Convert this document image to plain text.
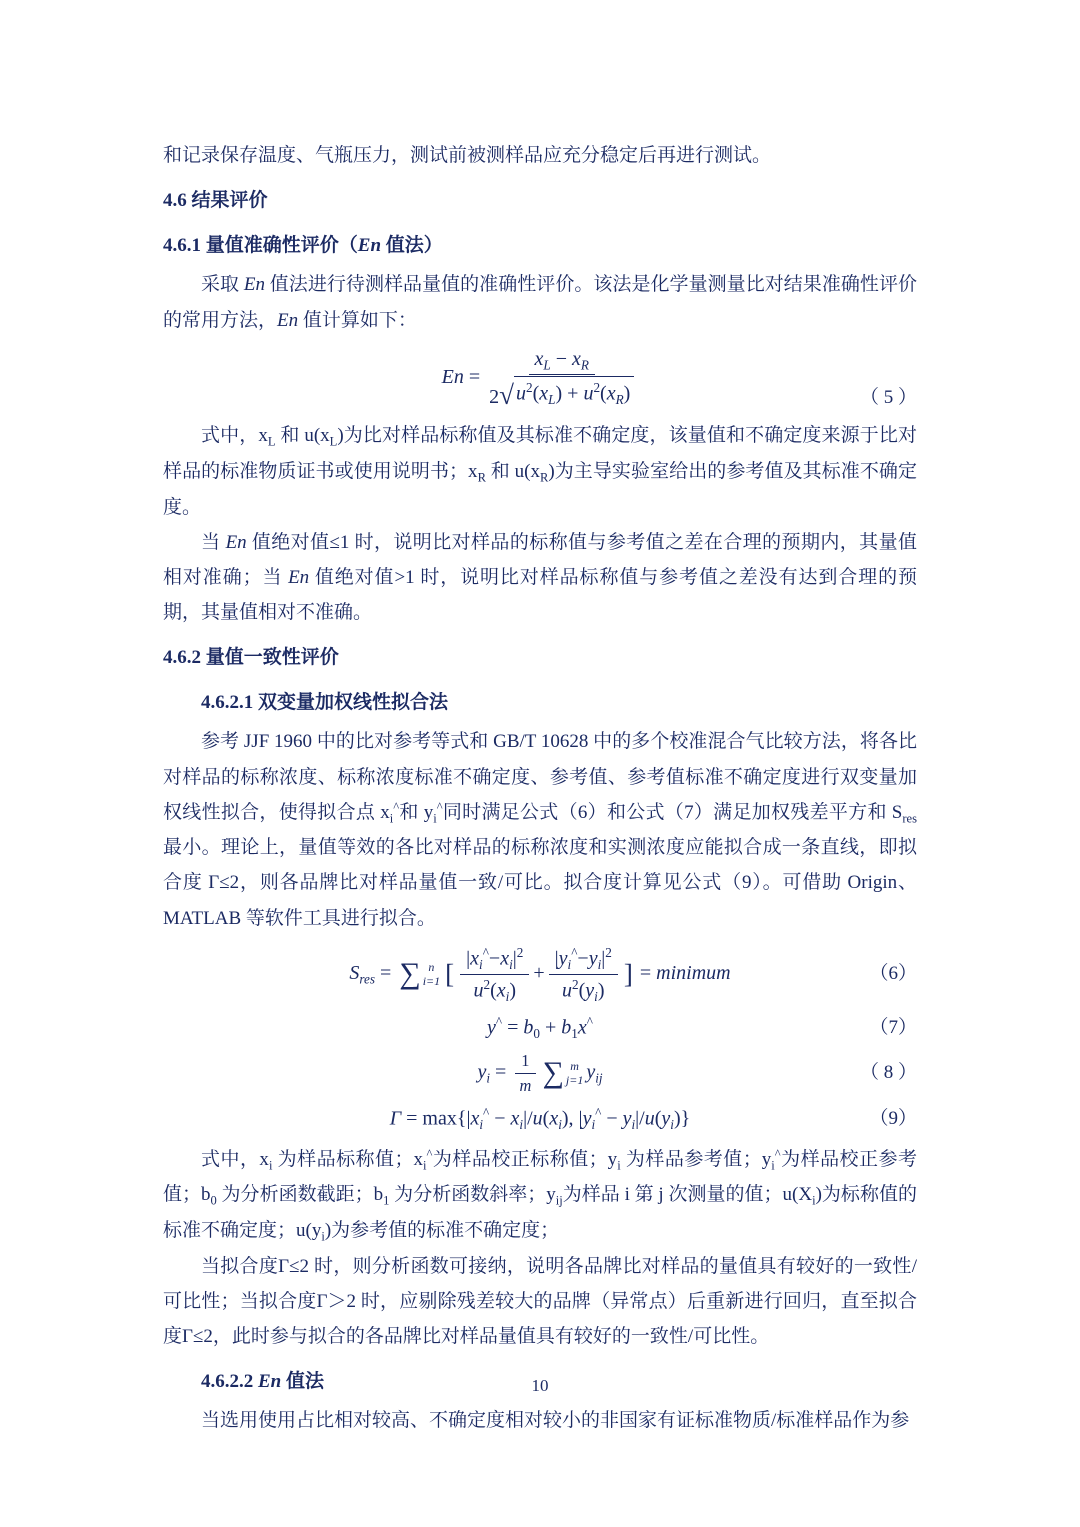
和记录保存温度、气瓶压力，测试前被测样品应充分稳定后再进行测试。

4.6 结果评价
4.6.1 量值准确性评价（En 值法）

采取 En 值法进行待测样品量值的准确性评价。该法是化学量测量比对结果准确性评价的常用方法，En 值计算如下：

$En = \frac{x_L - x_R}{2 √ u^2(x_L) + u^2(x_R)}$	（ 5 ）

式中，$x_L$ 和 $u(x_L)$为比对样品标称值及其标准不确定度，该量值和不确定度来源于比对样品的标准物质证书或使用说明书；$x_R$ 和 $u(x_R)$为主导实验室给出的参考值及其标准不确定度。

当 En 值绝对值≤1 时，说明比对样品的标称值与参考值之差在合理的预期内，其量值相对准确；当 En 值绝对值>1 时，说明比对样品标称值与参考值之差没有达到合理的预期，其量值相对不准确。

4.6.2 量值一致性评价
4.6.2.1 双变量加权线性拟合法

参考 JJF 1960 中的比对参考等式和 GB/T 10628 中的多个校准混合气比较方法，将各比对样品的标称浓度、标称浓度标准不确定度、参考值、参考值标准不确定度进行双变量加权线性拟合，使得拟合点 $x_i^{\^{}}$和 $y_i^{\^{}}$同时满足公式（6）和公式（7）满足加权残差平方和 $S_{res}$ 最小。理论上，量值等效的各比对样品的标称浓度和实测浓度应能拟合成一条直线，即拟合度 Γ≤2，则各品牌比对样品量值一致/可比。拟合度计算见公式（9）。可借助 Origin、MATLAB 等软件工具进行拟合。

$S_{res}$ = ∑ n
i=1 [ $\frac{|x_i^{\^{}}-x_i|^2}{u^2(x_i)} + \frac{|y_i^{\^{}}-y_i|^2}{u^2(y_i)}$ ] = minimum	（6）
$y^{\^{}} = b_0 + b_1x^{\^{}}$	（7）
$y_i = \frac{1}{m}$ ∑ m
j=1 $y_{ij}$	（ 8 ）
$\Gamma = \max\{|x_i^{\^{}} - x_i|/u(x_i)$, $|y_i^{\^{}} - y_i|/u(y_i)$}	（9）

式中，$x_i$ 为样品标称值；$x_i^{\^{}}$为样品校正标称值；$y_i$ 为样品参考值；$y_i^{\^{}}$为样品校正参考值；$b_0$ 为分析函数截距；$b_1$ 为分析函数斜率；$y_{ij}$为样品 i 第 j 次测量的值；$u(X_i)$为标称值的标准不确定度；$u(y_i)$为参考值的标准不确定度；

当拟合度Γ≤2 时，则分析函数可接纳，说明各品牌比对样品的量值具有较好的一致性/可比性；当拟合度Γ＞2 时，应剔除残差较大的品牌（异常点）后重新进行回归，直至拟合度Γ≤2，此时参与拟合的各品牌比对样品量值具有较好的一致性/可比性。

4.6.2.2 En 值法

当选用使用占比相对较高、不确定度相对较小的非国家有证标准物质/标准样品作为参

10
